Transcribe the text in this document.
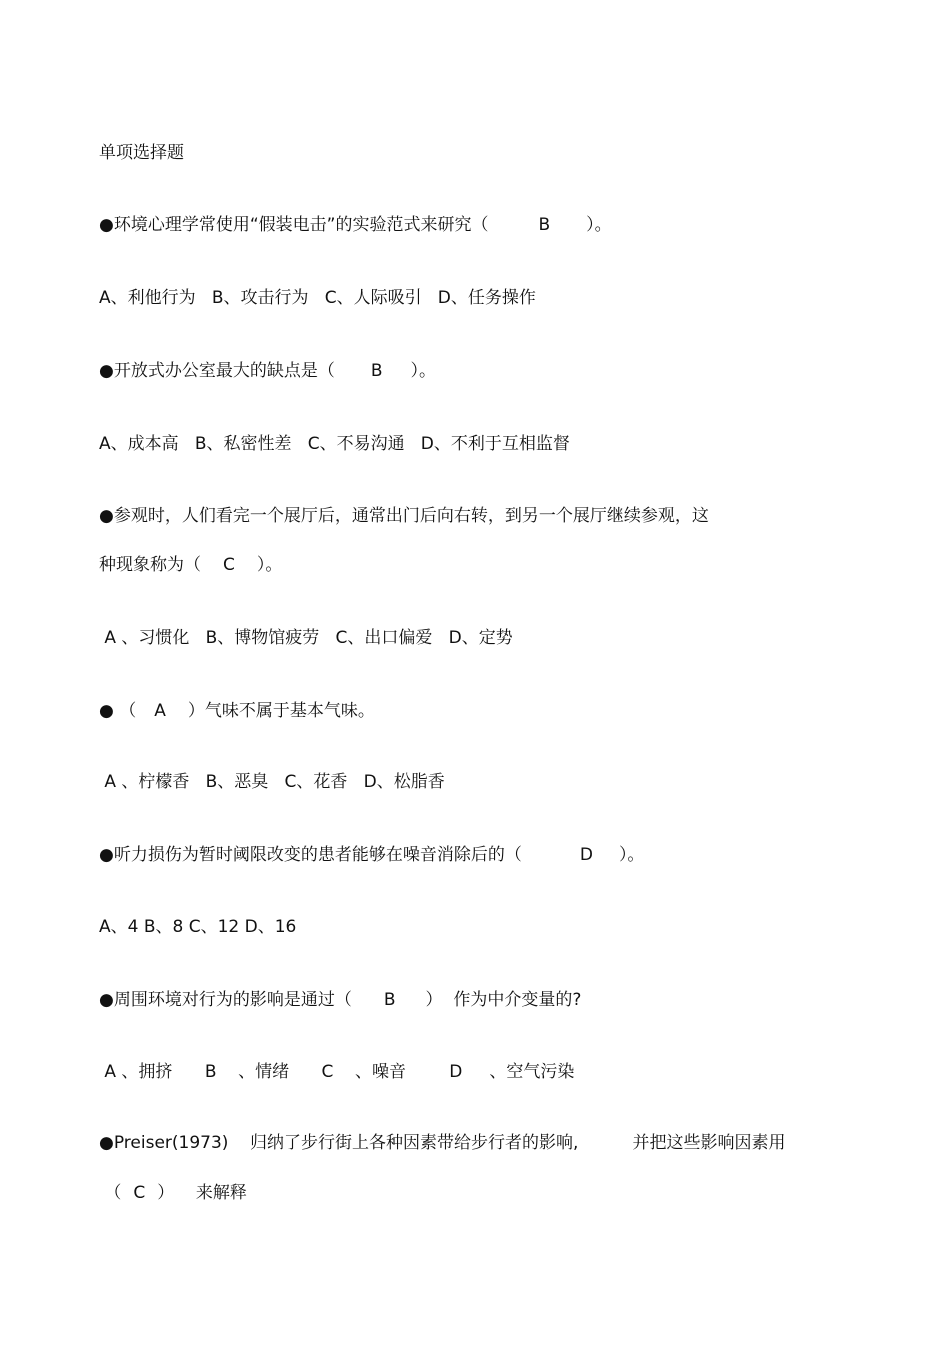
单项选择题
●环境心理学常使用“假装电击”的实验范式来研究（	B ）。
A、利他行为   B、攻击行为   C、人际吸引   D、任务操作
●开放式办公室最大的缺点是（ B ）。
A、成本高   B、私密性差   C、不易沟通   D、不利于互相监督
●参观时，人们看完一个展厅后，通常出门后向右转，到另一个展厅继续参观，这
种现象称为（ C ）。
A 、习惯化   B、博物馆疲劳   C、出口偏爱   D、定势
● （ A ）气味不属于基本气味。
A 、柠檬香   B、恶臭   C、花香   D、松脂香
●听力损伤为暂时阈限改变的患者能够在噪音消除后的（	D ）。
A、4 B、8 C、12 D、16
●周围环境对行为的影响是通过（ B ）  作为中介变量的?
A 、拥挤      B    、情绪      C    、噪音        D     、空气污染
●Preiser(1973)    归纳了步行街上各种因素带给步行者的影响,          并把这些影响因素用
（ C ）    来解释
